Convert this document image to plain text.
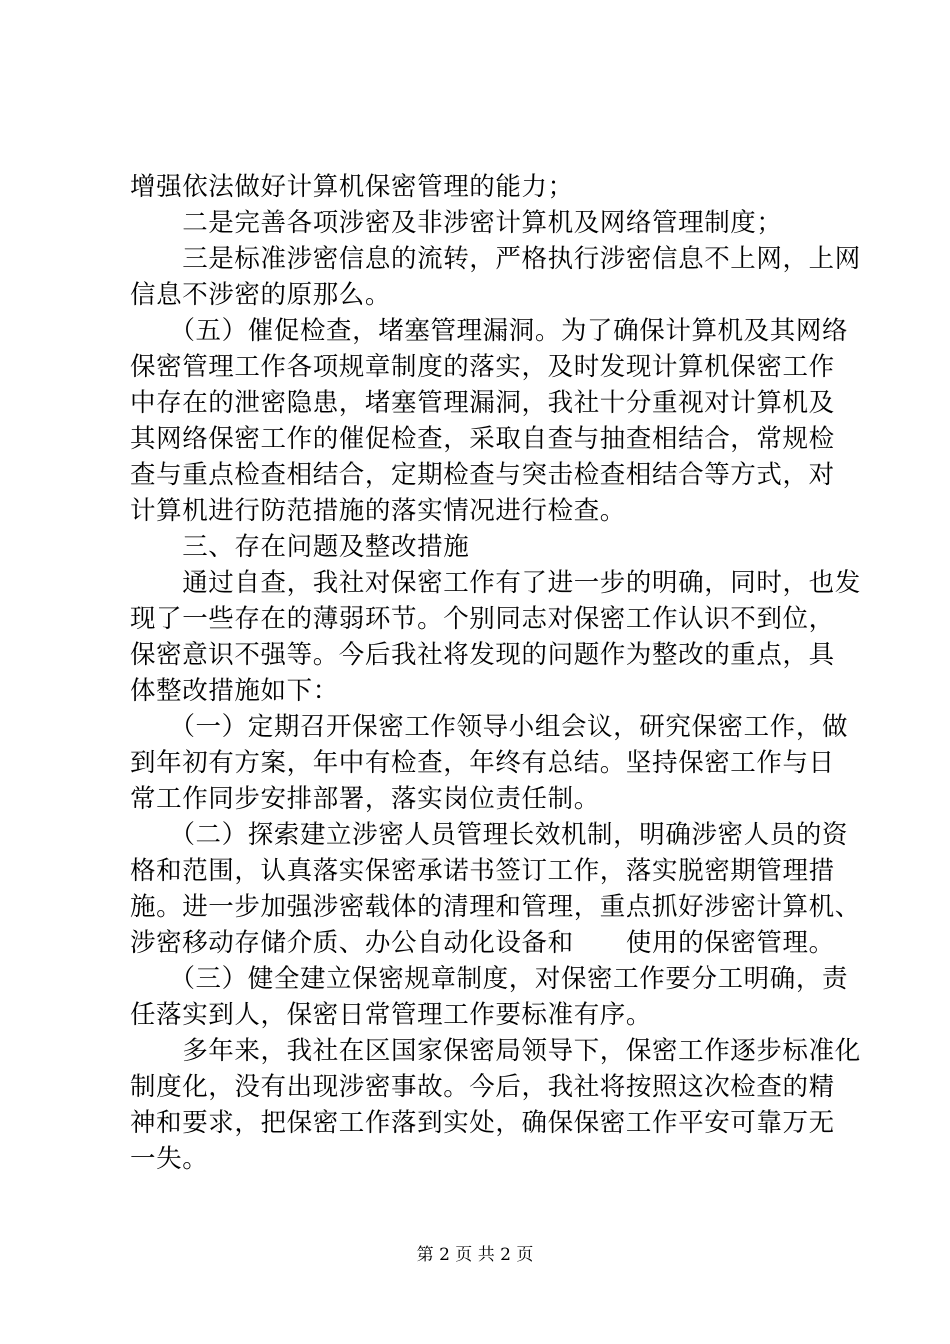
增强依法做好计算机保密管理的能力；
　　二是完善各项涉密及非涉密计算机及网络管理制度；
　　三是标准涉密信息的流转，严格执行涉密信息不上网，上网
信息不涉密的原那么。
　　（五）催促检查，堵塞管理漏洞。为了确保计算机及其网络
保密管理工作各项规章制度的落实，及时发现计算机保密工作
中存在的泄密隐患，堵塞管理漏洞，我社十分重视对计算机及
其网络保密工作的催促检查，采取自查与抽查相结合，常规检
查与重点检查相结合，定期检查与突击检查相结合等方式，对
计算机进行防范措施的落实情况进行检查。
　　三、存在问题及整改措施
　　通过自查，我社对保密工作有了进一步的明确，同时，也发
现了一些存在的薄弱环节。个别同志对保密工作认识不到位，
保密意识不强等。今后我社将发现的问题作为整改的重点，具
体整改措施如下：
　　（一）定期召开保密工作领导小组会议，研究保密工作，做
到年初有方案，年中有检查，年终有总结。坚持保密工作与日
常工作同步安排部署，落实岗位责任制。
　　（二）探索建立涉密人员管理长效机制，明确涉密人员的资
格和范围，认真落实保密承诺书签订工作，落实脱密期管理措
施。进一步加强涉密载体的清理和管理，重点抓好涉密计算机、
涉密移动存储介质、办公自动化设备和　　使用的保密管理。
　　（三）健全建立保密规章制度，对保密工作要分工明确，责
任落实到人，保密日常管理工作要标准有序。
　　多年来，我社在区国家保密局领导下，保密工作逐步标准化
制度化，没有出现涉密事故。今后，我社将按照这次检查的精
神和要求，把保密工作落到实处，确保保密工作平安可靠万无
一失。
第 2 页 共 2 页
